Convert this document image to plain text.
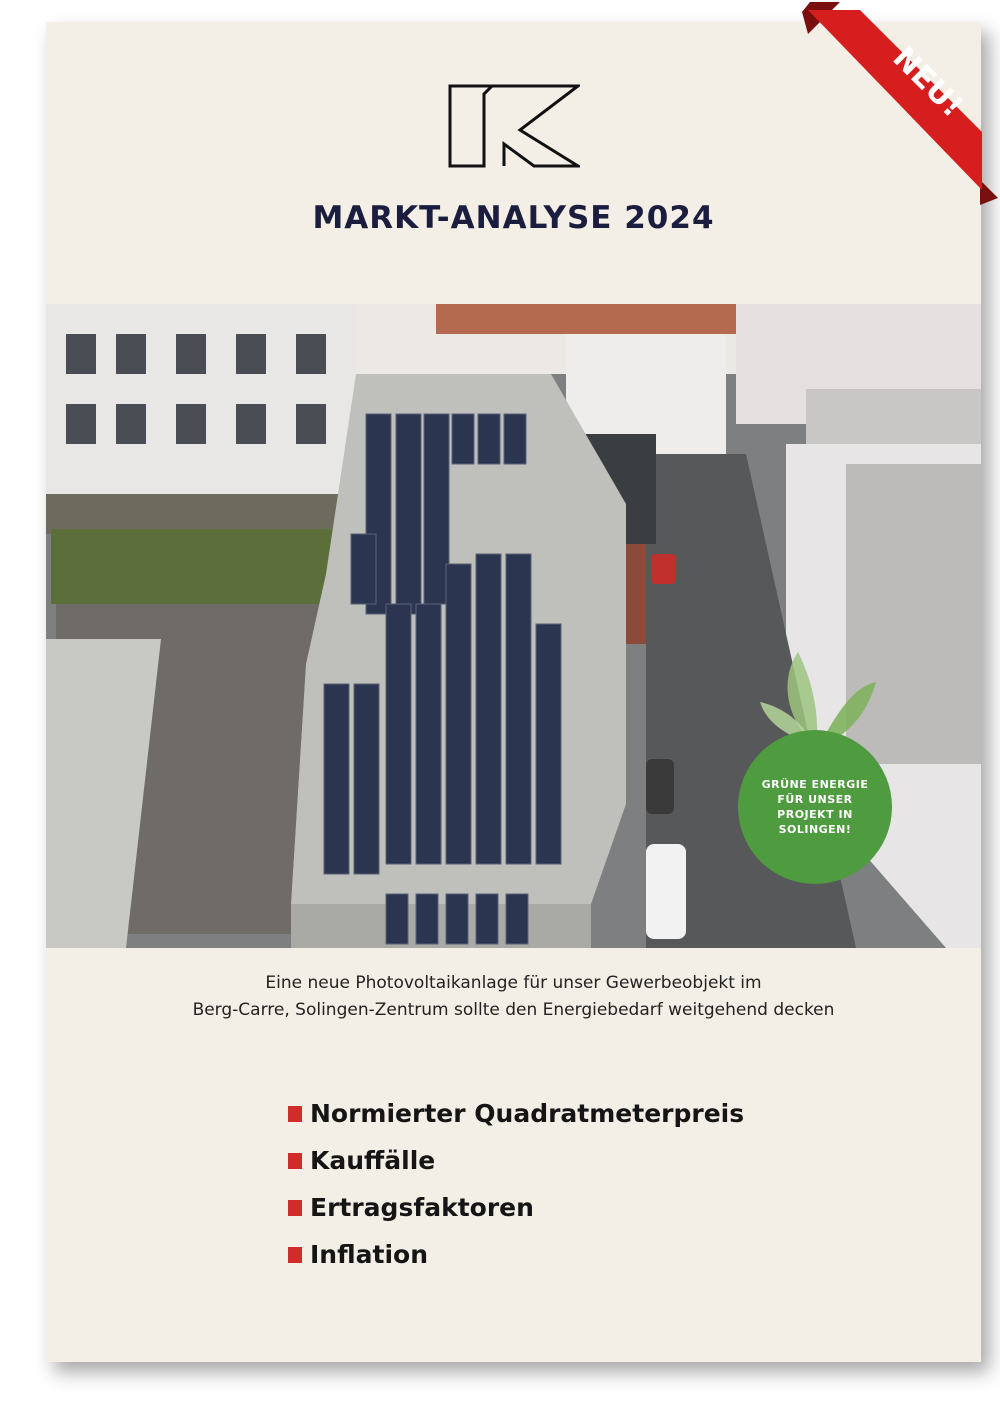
MARKT-ANALYSE 2024
GRÜNE ENERGIE FÜR UNSER PROJEKT IN SOLINGEN!
Eine neue Photovoltaikanlage für unser Gewerbeobjekt im
Berg-Carre, Solingen-Zentrum sollte den Energiebedarf weitgehend decken
Normierter Quadratmeterpreis
Kauffälle
Ertragsfaktoren
Inflation
NEU!
